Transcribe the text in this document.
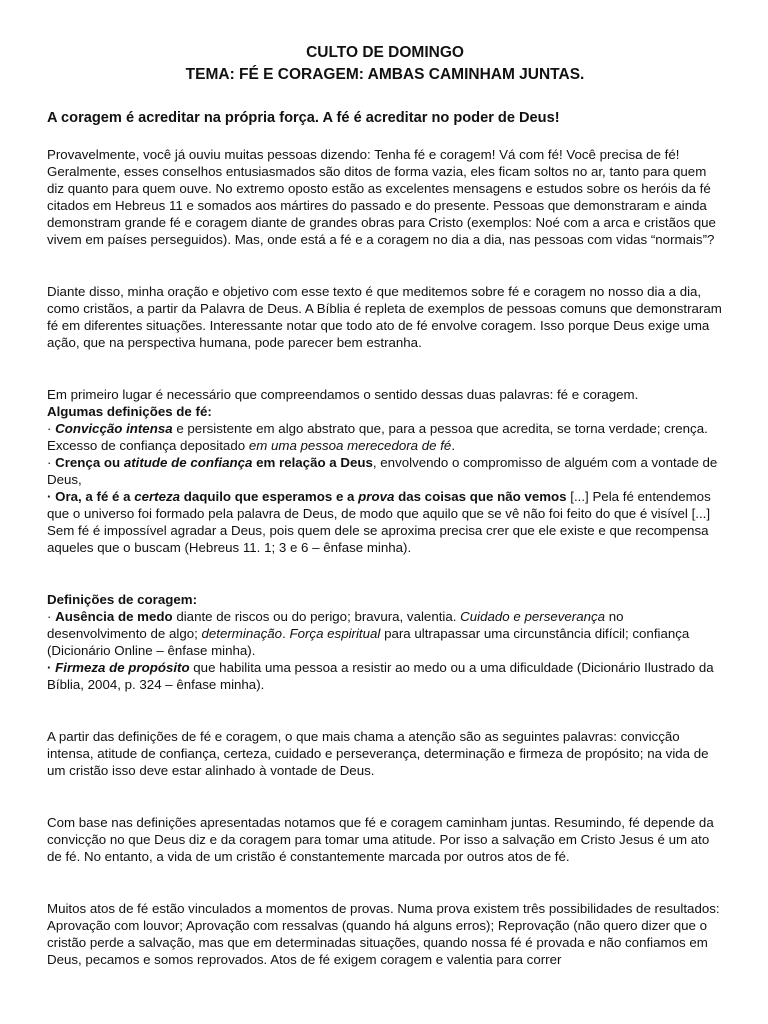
CULTO DE DOMINGO
TEMA: FÉ E CORAGEM: AMBAS CAMINHAM JUNTAS.

A coragem é acreditar na própria força. A fé é acreditar no poder de Deus!

Provavelmente, você já ouviu muitas pessoas dizendo: Tenha fé e coragem! Vá com fé! Você precisa de fé! Geralmente, esses conselhos entusiasmados são ditos de forma vazia, eles ficam soltos no ar, tanto para quem diz quanto para quem ouve. No extremo oposto estão as excelentes mensagens e estudos sobre os heróis da fé citados em Hebreus 11 e somados aos mártires do passado e do presente. Pessoas que demonstraram e ainda demonstram grande fé e coragem diante de grandes obras para Cristo (exemplos: Noé com a arca e cristãos que vivem em países perseguidos). Mas, onde está a fé e a coragem no dia a dia, nas pessoas com vidas “normais”?

Diante disso, minha oração e objetivo com esse texto é que meditemos sobre fé e coragem no nosso dia a dia, como cristãos, a partir da Palavra de Deus. A Bíblia é repleta de exemplos de pessoas comuns que demonstraram fé em diferentes situações. Interessante notar que todo ato de fé envolve coragem. Isso porque Deus exige uma ação, que na perspectiva humana, pode parecer bem estranha.

Em primeiro lugar é necessário que compreendamos o sentido dessas duas palavras: fé e coragem.

Algumas definições de fé:

· Convicção intensa e persistente em algo abstrato que, para a pessoa que acredita, se torna verdade; crença. Excesso de confiança depositado em uma pessoa merecedora de fé.

· Crença ou atitude de confiança em relação a Deus, envolvendo o compromisso de alguém com a vontade de Deus,

· Ora, a fé é a certeza daquilo que esperamos e a prova das coisas que não vemos [...] Pela fé entendemos que o universo foi formado pela palavra de Deus, de modo que aquilo que se vê não foi feito do que é visível [...] Sem fé é impossível agradar a Deus, pois quem dele se aproxima precisa crer que ele existe e que recompensa aqueles que o buscam (Hebreus 11. 1; 3 e 6 – ênfase minha).

Definições de coragem:

· Ausência de medo diante de riscos ou do perigo; bravura, valentia. Cuidado e perseverança no desenvolvimento de algo; determinação. Força espiritual para ultrapassar uma circunstância difícil; confiança (Dicionário Online – ênfase minha).

· Firmeza de propósito que habilita uma pessoa a resistir ao medo ou a uma dificuldade (Dicionário Ilustrado da Bíblia, 2004, p. 324 – ênfase minha).

A partir das definições de fé e coragem, o que mais chama a atenção são as seguintes palavras: convicção intensa, atitude de confiança, certeza, cuidado e perseverança, determinação e firmeza de propósito; na vida de um cristão isso deve estar alinhado à vontade de Deus.

Com base nas definições apresentadas notamos que fé e coragem caminham juntas. Resumindo, fé depende da convicção no que Deus diz e da coragem para tomar uma atitude. Por isso a salvação em Cristo Jesus é um ato de fé. No entanto, a vida de um cristão é constantemente marcada por outros atos de fé.

Muitos atos de fé estão vinculados a momentos de provas. Numa prova existem três possibilidades de resultados: Aprovação com louvor; Aprovação com ressalvas (quando há alguns erros); Reprovação (não quero dizer que o cristão perde a salvação, mas que em determinadas situações, quando nossa fé é provada e não confiamos em Deus, pecamos e somos reprovados. Atos de fé exigem coragem e valentia para correr
